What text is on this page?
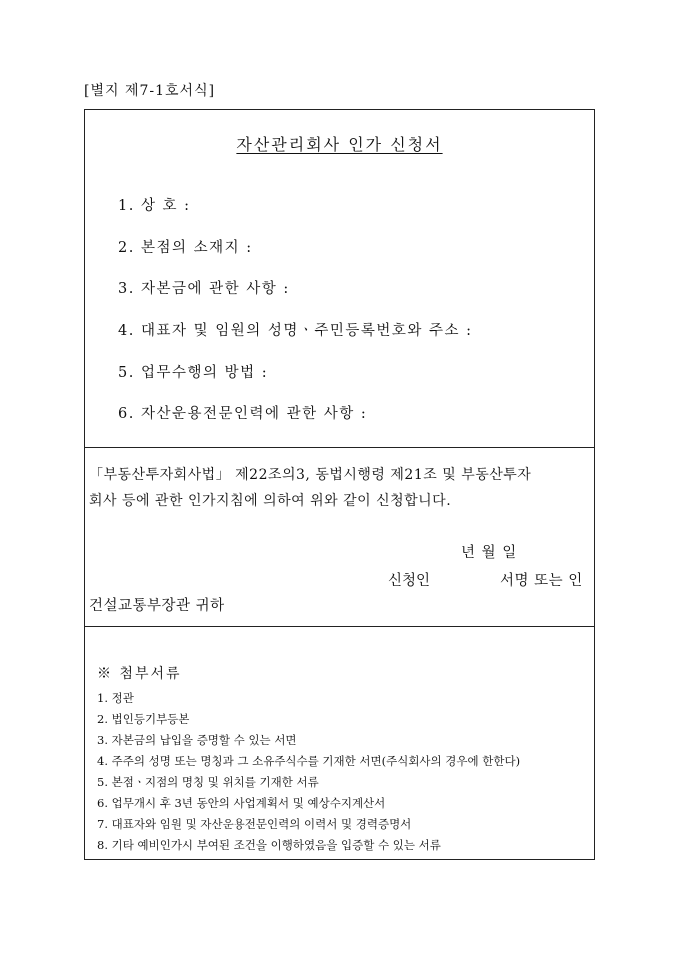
[별지 제7-1호서식]
자산관리회사 인가 신청서
1. 상 호 :
2. 본점의 소재지 :
3. 자본금에 관한 사항 :
4. 대표자 및 임원의 성명ㆍ주민등록번호와 주소 :
5. 업무수행의 방법 :
6. 자산운용전문인력에 관한 사항 :
「부동산투자회사법」 제22조의3, 동법시행령 제21조 및 부동산투자
회사 등에 관한 인가지침에 의하여 위와 같이 신청합니다.
년 월 일
신청인	서명 또는 인
건설교통부장관 귀하
※ 첨부서류
1. 정관
2. 법인등기부등본
3. 자본금의 납입을 증명할 수 있는 서면
4. 주주의 성명 또는 명칭과 그 소유주식수를 기재한 서면(주식회사의 경우에 한한다)
5. 본점ㆍ지점의 명칭 및 위치를 기재한 서류
6. 업무개시 후 3년 동안의 사업계획서 및 예상수지계산서
7. 대표자와 임원 및 자산운용전문인력의 이력서 및 경력증명서
8. 기타 예비인가시 부여된 조건을 이행하였음을 입증할 수 있는 서류
